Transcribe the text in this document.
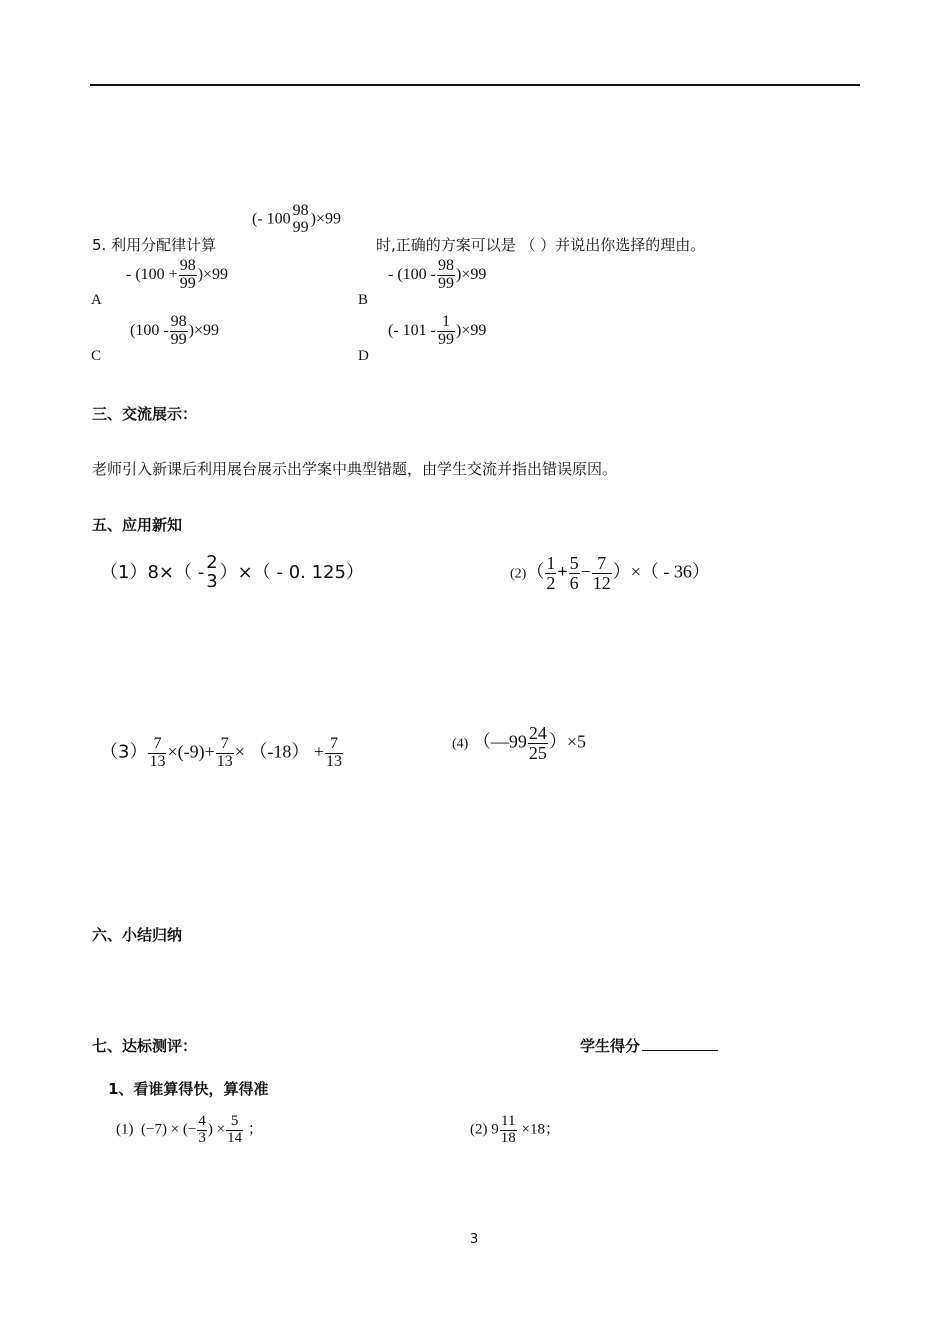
5. 利用分配律计算
(- 100 98
99 )×99
时,正确的方案可以是 （ ）并说出你选择的理由。
A
- $(100 + \frac{98}{99} )\times 99$
B
- $(100 - \frac{98}{99} )\times 99$
C
$(100 - \frac{98}{99} )\times 99$
D
(- $101 - \frac{1}{99} )\times 99$
三、交流展示：
老师引入新课后利用展台展示出学案中典型错题，由学生交流并指出错误原因。
五、应用新知
（1）8×（ - 2
3 ）×（ - 0. 125）	$(2)( \frac{1}{2} + \frac{5}{6} - \frac{7}{12}$ ）×（ - 36）
$(3) \frac{7}{13} \times(-9)+ \frac{7}{13} \times (-18) + \frac{7}{13}$	(4) （—99 $\frac{24}{25} )\times 5$
六、小结归纳
七、达标测评：	学生得分
1、看谁算得快，算得准
(1) (−7) × (− $\frac{4}{3}$ ) × $\frac{5}{14}$ ；	(2) $9 \frac{11}{18} \times 18$；
3
